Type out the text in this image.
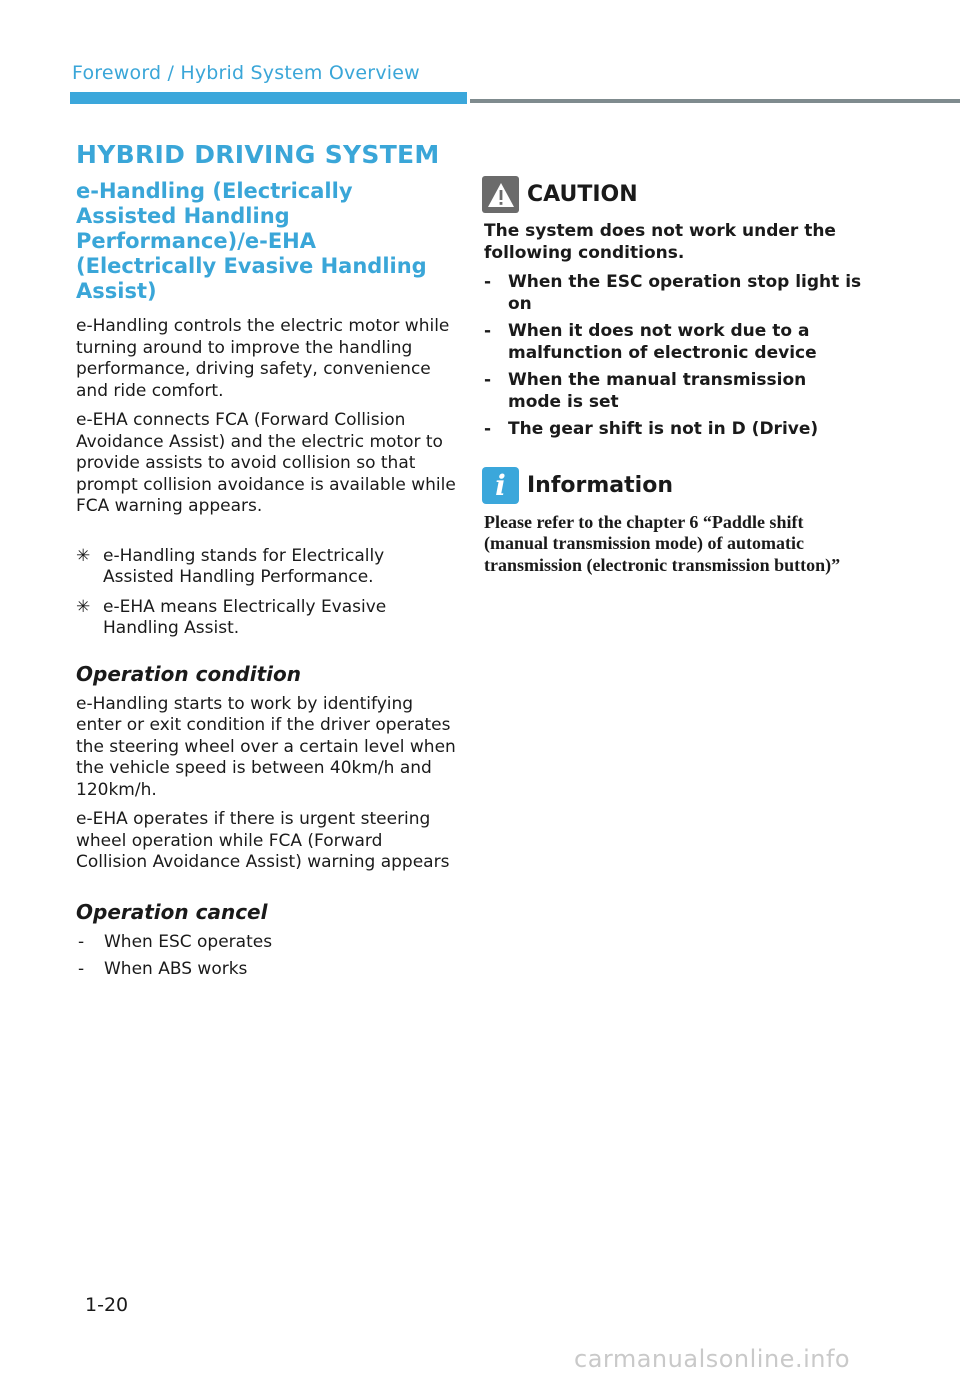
Foreword / Hybrid System Overview
HYBRID DRIVING SYSTEM
e-Handling (Electrically Assisted Handling Performance)/e-EHA (Electrically Evasive Handling Assist)

e-Handling controls the electric motor while turning around to improve the handling performance, driving safety, convenience and ride comfort.

e-EHA connects FCA (Forward Collision Avoidance Assist) and the electric motor to provide assists to avoid collision so that prompt collision avoidance is available while FCA warning appears.

✳ e-Handling stands for Electrically Assisted Handling Performance.
✳ e-EHA means Electrically Evasive Handling Assist.
Operation condition

e-Handling starts to work by identifying enter or exit condition if the driver operates the steering wheel over a certain level when the vehicle speed is between 40km/h and 120km/h.

e-EHA operates if there is urgent steering wheel operation while FCA (Forward Collision Avoidance Assist) warning appears

Operation cancel
-	When ESC operates
-	When ABS works
CAUTION

The system does not work under the following conditions.

- When the ESC operation stop light is on
- When it does not work due to a malfunction of electronic device
- When the manual transmission mode is set
- The gear shift is not in D (Drive)
i Information

Please refer to the chapter 6 “Paddle shift (manual transmission mode) of automatic transmission (electronic transmission button)”

1-20
carmanualsonline.info
